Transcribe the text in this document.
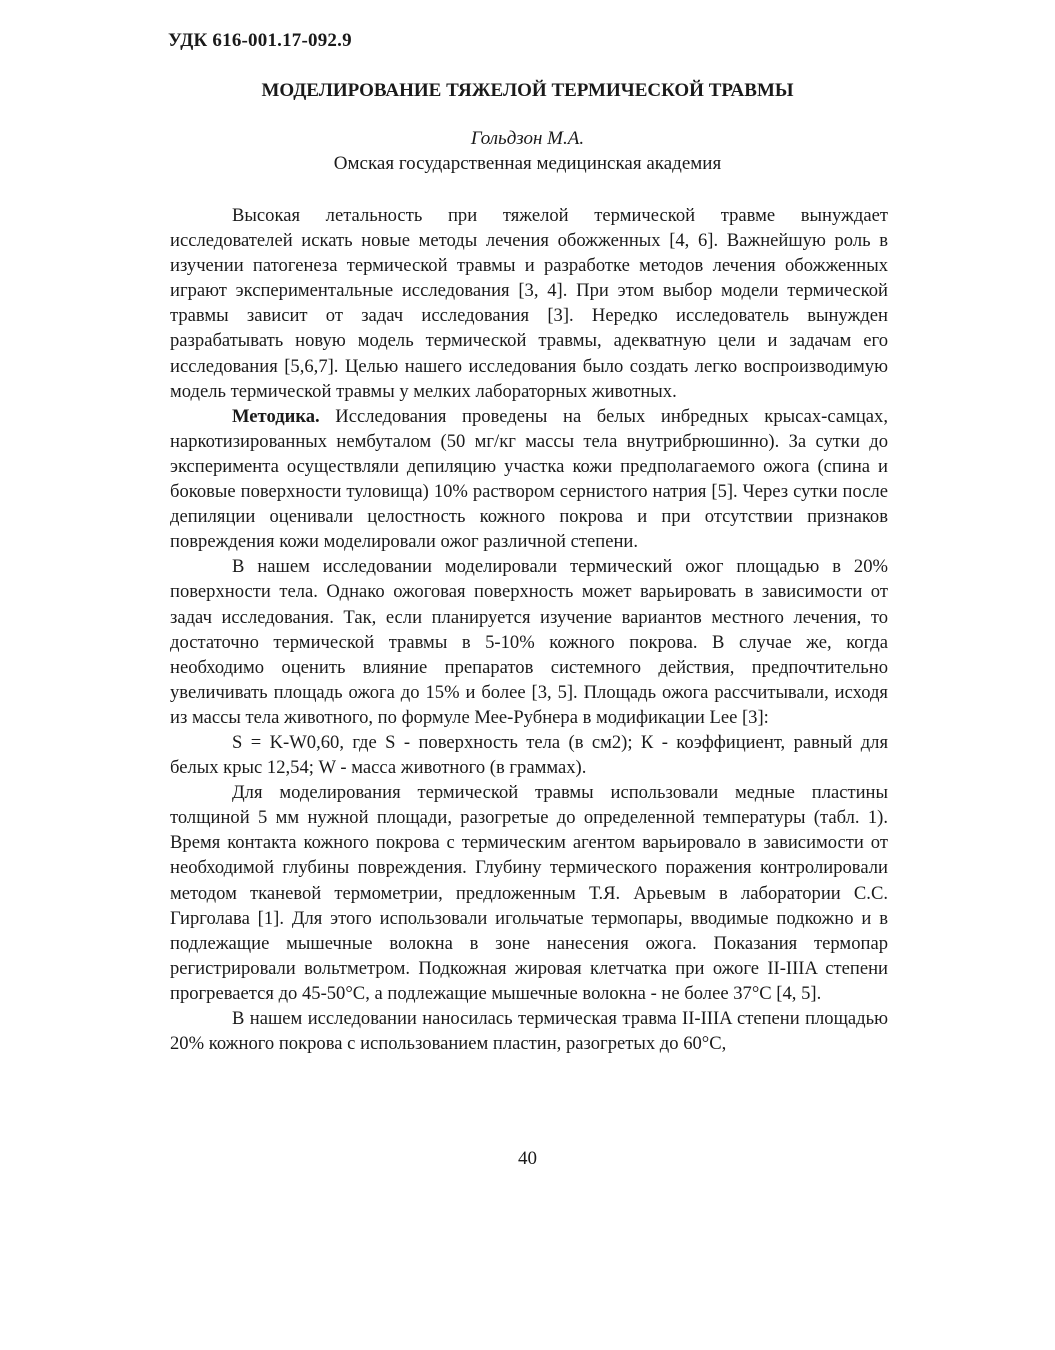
УДК 616-001.17-092.9
МОДЕЛИРОВАНИЕ ТЯЖЕЛОЙ ТЕРМИЧЕСКОЙ ТРАВМЫ
Гольдзон М.А.
Омская государственная медицинская академия

Высокая летальность при тяжелой термической травме вынуждает исследователей искать новые методы лечения обожженных [4, 6]. Важнейшую роль в изучении патогенеза термической травмы и разработке методов лечения обожженных играют экспериментальные исследования [3, 4]. При этом выбор модели термической травмы зависит от задач исследования [3]. Нередко исследователь вынужден разрабатывать новую модель термической травмы, адекватную цели и задачам его исследования [5,6,7]. Целью нашего исследования было создать легко воспроизводимую модель термической травмы у мелких лабораторных животных.

Методика. Исследования проведены на белых инбредных крысах-самцах, наркотизированных нембуталом (50 мг/кг массы тела внутрибрюшинно). За сутки до эксперимента осуществляли депиляцию участка кожи предполагаемого ожога (спина и боковые поверхности туловища) 10% раствором сернистого натрия [5]. Через сутки после депиляции оценивали целостность кожного покрова и при отсутствии признаков повреждения кожи моделировали ожог различной степени.

В нашем исследовании моделировали термический ожог площадью в 20% поверхности тела. Однако ожоговая поверхность может варьировать в зависимости от задач исследования. Так, если планируется изучение вариантов местного лечения, то достаточно термической травмы в 5-10% кожного покрова. В случае же, когда необходимо оценить влияние препаратов системного действия, предпочтительно увеличивать площадь ожога до 15% и более [3, 5]. Площадь ожога рассчитывали, исходя из массы тела животного, по формуле Мее-Рубнера в модификации Lee [3]:

S = K-W0,60, где S - поверхность тела (в см2); К - коэффициент, равный для белых крыс 12,54; W - масса животного (в граммах).

Для моделирования термической травмы использовали медные пластины толщиной 5 мм нужной площади, разогретые до определенной температуры (табл. 1). Время контакта кожного покрова с термическим агентом варьировало в зависимости от необходимой глубины повреждения. Глубину термического поражения контролировали методом тканевой термометрии, предложенным Т.Я. Арьевым в лаборатории С.С. Гирголава [1]. Для этого использовали игольчатые термопары, вводимые подкожно и в подлежащие мышечные волокна в зоне нанесения ожога. Показания термопар регистрировали вольтметром. Подкожная жировая клетчатка при ожоге II-IIIA степени прогревается до 45-50°С, а подлежащие мышечные волокна - не более 37°С [4, 5].

В нашем исследовании наносилась термическая травма II-IIIA степени площадью 20% кожного покрова с использованием пластин, разогретых до 60°С,

40
